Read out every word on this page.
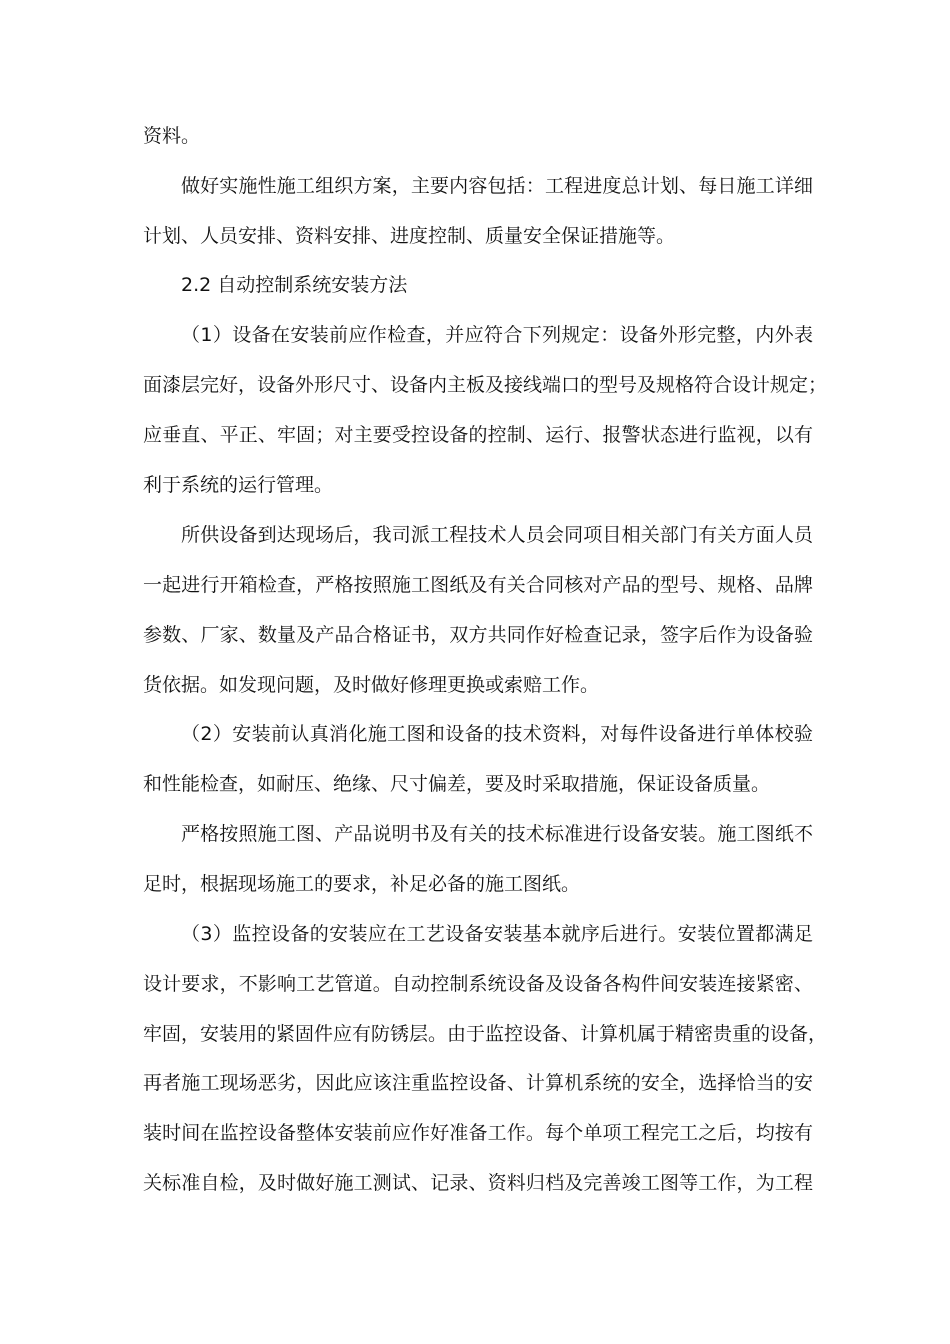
资料。
做好实施性施工组织方案，主要内容包括：工程进度总计划、每日施工详细
计划、人员安排、资料安排、进度控制、质量安全保证措施等。
2.2 自动控制系统安装方法
（1）设备在安装前应作检查，并应符合下列规定：设备外形完整，内外表
面漆层完好，设备外形尺寸、设备内主板及接线端口的型号及规格符合设计规定；
应垂直、平正、牢固；对主要受控设备的控制、运行、报警状态进行监视，以有
利于系统的运行管理。
所供设备到达现场后，我司派工程技术人员会同项目相关部门有关方面人员
一起进行开箱检查，严格按照施工图纸及有关合同核对产品的型号、规格、品牌
参数、厂家、数量及产品合格证书，双方共同作好检查记录，签字后作为设备验
货依据。如发现问题，及时做好修理更换或索赔工作。
（2）安装前认真消化施工图和设备的技术资料，对每件设备进行单体校验
和性能检查，如耐压、绝缘、尺寸偏差，要及时采取措施，保证设备质量。
严格按照施工图、产品说明书及有关的技术标准进行设备安装。施工图纸不
足时，根据现场施工的要求，补足必备的施工图纸。
（3）监控设备的安装应在工艺设备安装基本就序后进行。安装位置都满足
设计要求，不影响工艺管道。自动控制系统设备及设备各构件间安装连接紧密、
牢固，安装用的紧固件应有防锈层。由于监控设备、计算机属于精密贵重的设备，
再者施工现场恶劣，因此应该注重监控设备、计算机系统的安全，选择恰当的安
装时间在监控设备整体安装前应作好准备工作。每个单项工程完工之后，均按有
关标准自检，及时做好施工测试、记录、资料归档及完善竣工图等工作，为工程
